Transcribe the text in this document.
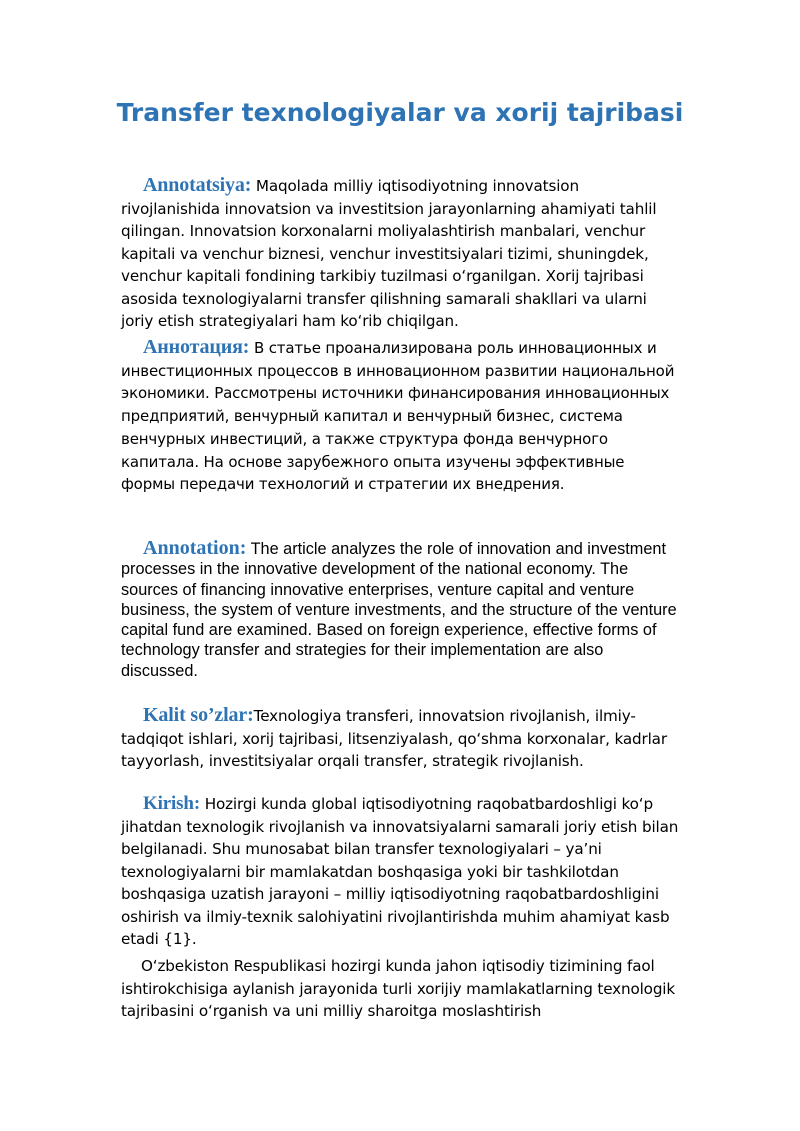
Transfer texnologiyalar va xorij tajribasi

Annotatsiya: Maqolada milliy iqtisodiyotning innovatsion rivojlanishida innovatsion va investitsion jarayonlarning ahamiyati tahlil qilingan. Innovatsion korxonalarni moliyalashtirish manbalari, venchur kapitali va venchur biznesi, venchur investitsiyalari tizimi, shuningdek, venchur kapitali fondining tarkibiy tuzilmasi oʻrganilgan. Xorij tajribasi asosida texnologiyalarni transfer qilishning samarali shakllari va ularni joriy etish strategiyalari ham koʻrib chiqilgan.

Аннотация: В статье проанализирована роль инновационных и инвестиционных процессов в инновационном развитии национальной экономики. Рассмотрены источники финансирования инновационных предприятий, венчурный капитал и венчурный бизнес, система венчурных инвестиций, а также структура фонда венчурного капитала. На основе зарубежного опыта изучены эффективные формы передачи технологий и стратегии их внедрения.

Annotation: The article analyzes the role of innovation and investment processes in the innovative development of the national economy. The sources of financing innovative enterprises, venture capital and venture business, the system of venture investments, and the structure of the venture capital fund are examined. Based on foreign experience, effective forms of technology transfer and strategies for their implementation are also discussed.

Kalit so’zlar:Texnologiya transferi, innovatsion rivojlanish, ilmiy-tadqiqot ishlari, xorij tajribasi, litsenziyalash, qoʻshma korxonalar, kadrlar tayyorlash, investitsiyalar orqali transfer, strategik rivojlanish.

Kirish: Hozirgi kunda global iqtisodiyotning raqobatbardoshligi koʻp jihatdan texnologik rivojlanish va innovatsiyalarni samarali joriy etish bilan belgilanadi. Shu munosabat bilan transfer texnologiyalari – ya’ni texnologiyalarni bir mamlakatdan boshqasiga yoki bir tashkilotdan boshqasiga uzatish jarayoni – milliy iqtisodiyotning raqobatbardoshligini oshirish va ilmiy-texnik salohiyatini rivojlantirishda muhim ahamiyat kasb etadi {1}.

Oʻzbekiston Respublikasi hozirgi kunda jahon iqtisodiy tizimining faol ishtirokchisiga aylanish jarayonida turli xorijiy mamlakatlarning texnologik tajribasini oʻrganish va uni milliy sharoitga moslashtirish
